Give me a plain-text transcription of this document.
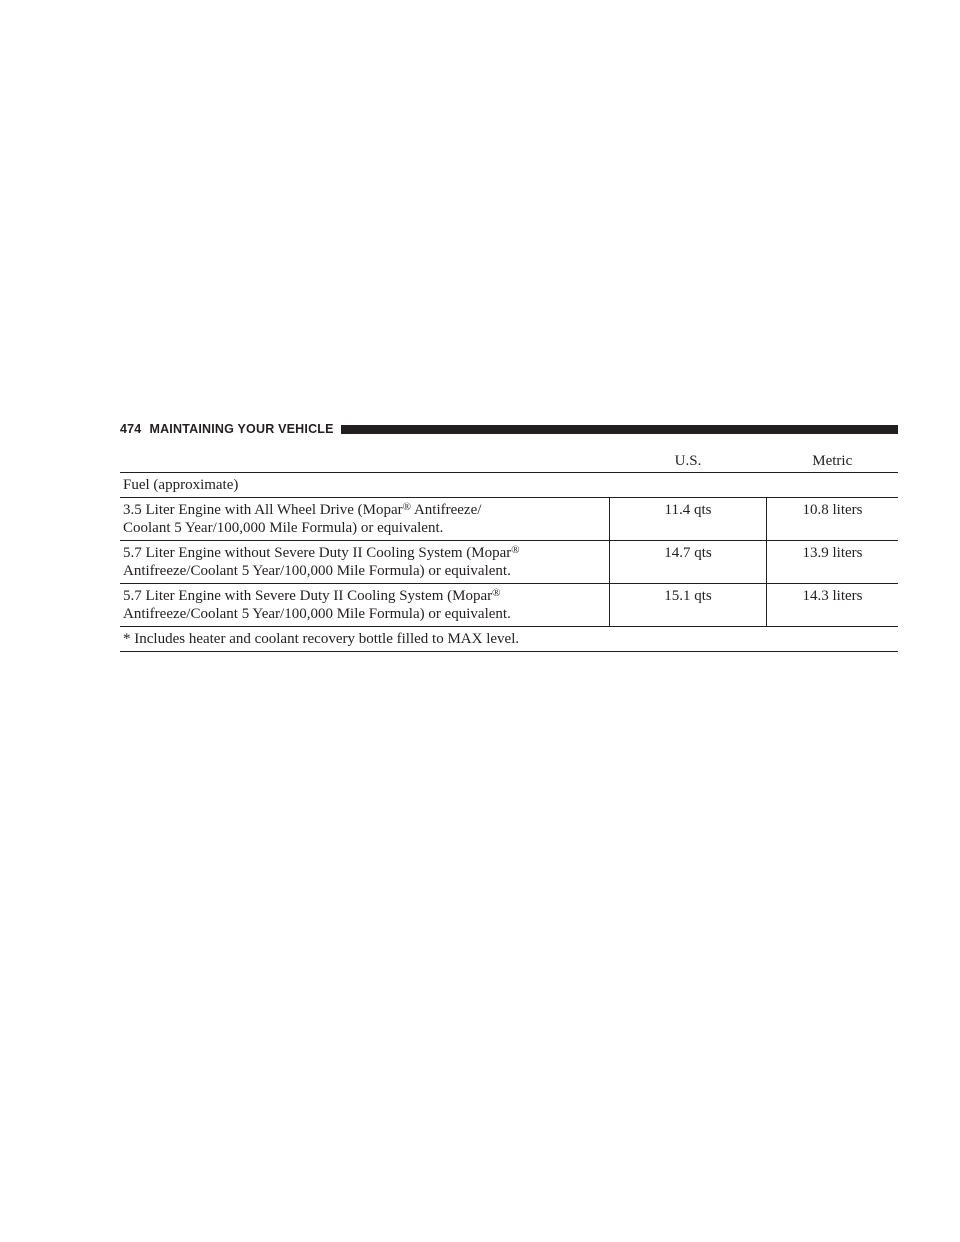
474 MAINTAINING YOUR VEHICLE
	U.S.	Metric
Fuel (approximate)		
3.5 Liter Engine with All Wheel Drive (Mopar® Antifreeze/
Coolant 5 Year/100,000 Mile Formula) or equivalent.	11.4 qts	10.8 liters
5.7 Liter Engine without Severe Duty II Cooling System (Mopar®
Antifreeze/Coolant 5 Year/100,000 Mile Formula) or equivalent.	14.7 qts	13.9 liters
5.7 Liter Engine with Severe Duty II Cooling System (Mopar®
Antifreeze/Coolant 5 Year/100,000 Mile Formula) or equivalent.	15.1 qts	14.3 liters
* Includes heater and coolant recovery bottle filled to MAX level.		
